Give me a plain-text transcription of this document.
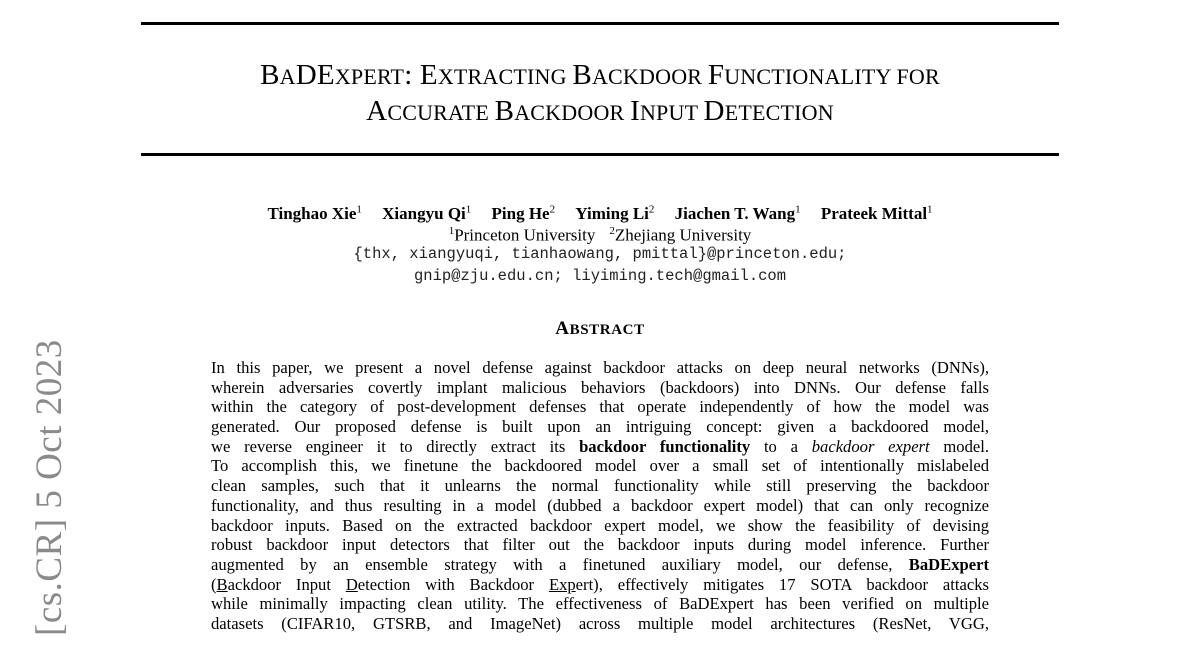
BADEXPERT: EXTRACTING BACKDOOR FUNCTIONALITY FOR
ACCURATE BACKDOOR INPUT DETECTION
Tinghao Xie$^1$ Xiangyu Qi$^1$ Ping He$^2$ Yiming Li$^2$ Jiachen T. Wang$^1$ Prateek Mittal$^1$
$^1$Princeton University $^2$Zhejiang University
{thx, xiangyuqi, tianhaowang, pmittal}@princeton.edu;
gnip@zju.edu.cn; liyiming.tech@gmail.com
ABSTRACT
In this paper, we present a novel defense against backdoor attacks on deep neural networks (DNNs),
wherein adversaries covertly implant malicious behaviors (backdoors) into DNNs. Our defense falls
within the category of post-development defenses that operate independently of how the model was
generated. Our proposed defense is built upon an intriguing concept: given a backdoored model,
we reverse engineer it to directly extract its backdoor functionality to a backdoor expert model.
To accomplish this, we finetune the backdoored model over a small set of intentionally mislabeled
clean samples, such that it unlearns the normal functionality while still preserving the backdoor
functionality, and thus resulting in a model (dubbed a backdoor expert model) that can only recognize
backdoor inputs. Based on the extracted backdoor expert model, we show the feasibility of devising
robust backdoor input detectors that filter out the backdoor inputs during model inference. Further
augmented by an ensemble strategy with a finetuned auxiliary model, our defense, BaDExpert
(Backdoor Input Detection with Backdoor Expert), effectively mitigates 17 SOTA backdoor attacks
while minimally impacting clean utility. The effectiveness of BaDExpert has been verified on multiple
datasets (CIFAR10, GTSRB, and ImageNet) across multiple model architectures (ResNet, VGG,
[cs.CR] 5 Oct 2023
